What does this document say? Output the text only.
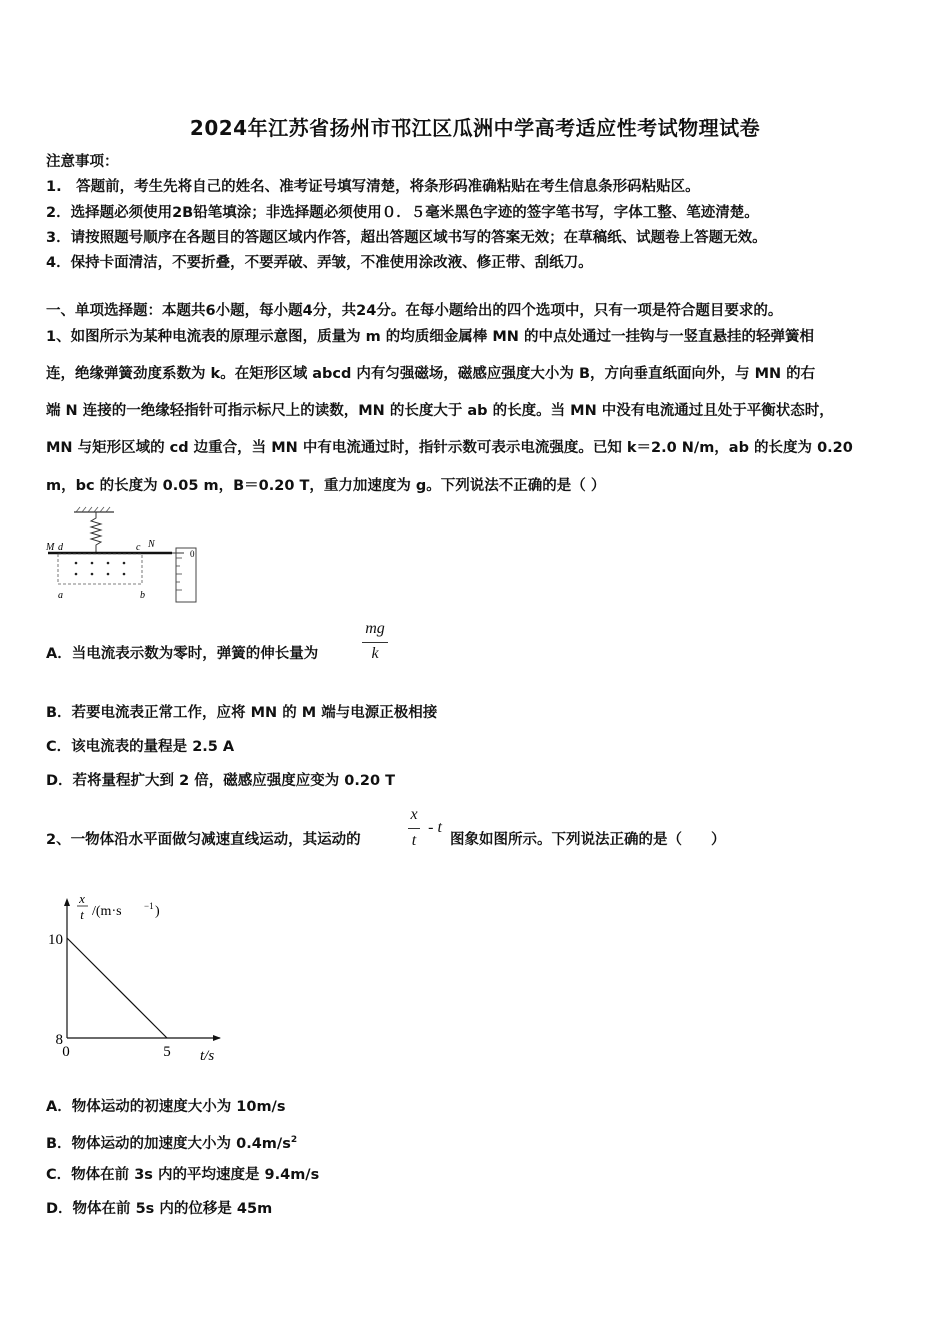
2024年江苏省扬州市邗江区瓜洲中学高考适应性考试物理试卷
注意事项：
1.　答题前，考生先将自己的姓名、准考证号填写清楚，将条形码准确粘贴在考生信息条形码粘贴区。
2．选择题必须使用2B铅笔填涂；非选择题必须使用０．５毫米黑色字迹的签字笔书写，字体工整、笔迹清楚。
3．请按照题号顺序在各题目的答题区域内作答，超出答题区域书写的答案无效；在草稿纸、试题卷上答题无效。
4．保持卡面清洁，不要折叠，不要弄破、弄皱，不准使用涂改液、修正带、刮纸刀。
一、单项选择题：本题共6小题，每小题4分，共24分。在每小题给出的四个选项中，只有一项是符合题目要求的。
1、如图所示为某种电流表的原理示意图，质量为 m 的均质细金属棒 MN 的中点处通过一挂钩与一竖直悬挂的轻弹簧相
连，绝缘弹簧劲度系数为 k。在矩形区域 abcd 内有匀强磁场，磁感应强度大小为 B，方向垂直纸面向外，与 MN 的右
端 N 连接的一绝缘轻指针可指示标尺上的读数，MN 的长度大于 ab 的长度。当 MN 中没有电流通过且处于平衡状态时，
MN 与矩形区域的 cd 边重合，当 MN 中有电流通过时，指针示数可表示电流强度。已知 k＝2.0 N/m，ab 的长度为 0.20
m，bc 的长度为 0.05 m，B＝0.20 T，重力加速度为 g。下列说法不正确的是（ ）
M d	c N
a	b
0
A．当电流表示数为零时，弹簧的伸长量为
mg
k
B．若要电流表正常工作，应将 MN 的 M 端与电源正极相接
C．该电流表的量程是 2.5 A
D．若将量程扩大到 2 倍，磁感应强度应变为 0.20 T
2、一物体沿水平面做匀减速直线运动，其运动的
x
t
- t
图象如图所示。下列说法正确的是（　　）
x
t /(m·s −1 )
t/s
10
8
0	5
A．物体运动的初速度大小为 10m/s
B．物体运动的加速度大小为 $0.4m/s^2$
C．物体在前 3s 内的平均速度是 9.4m/s
D．物体在前 5s 内的位移是 45m
